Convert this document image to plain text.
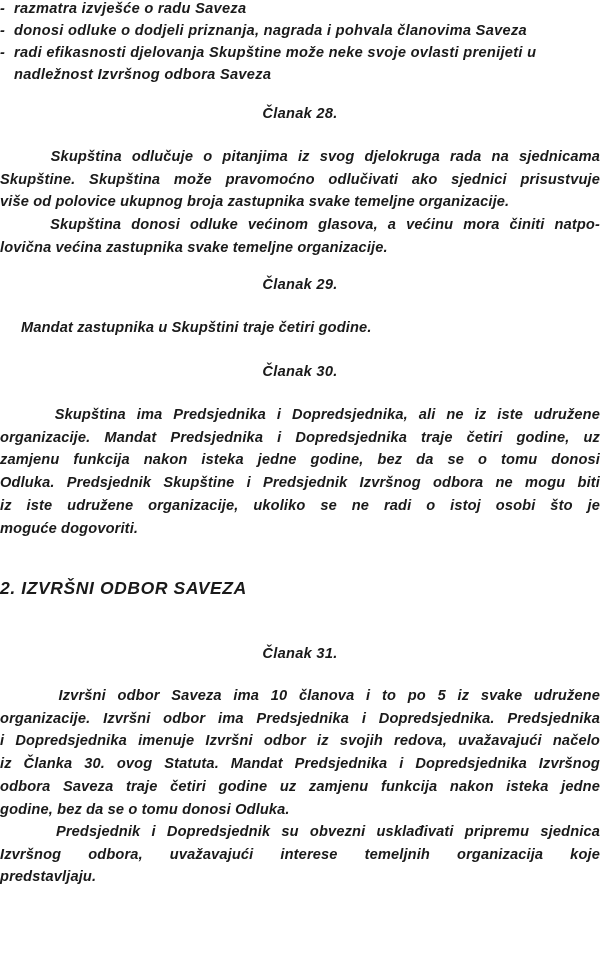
- razmatra izvješće o radu Saveza
- donosi odluke o dodjeli priznanja, nagrada i pohvala članovima Saveza
- radi efikasnosti djelovanja Skupštine može neke svoje ovlasti prenijeti u
nadležnost Izvršnog odbora Saveza
Članak 28.

Skupština odlučuje o pitanjima iz svog djelokruga rada na sjednicama
Skupštine. Skupština može pravomoćno odlučivati ako sjednici prisustvuje
više od polovice ukupnog broja zastupnika svake temeljne organizacije.

Skupština donosi odluke većinom glasova, a većinu mora činiti natpo-
lovična većina zastupnika svake temeljne organizacije.

Članak 29.

Mandat zastupnika u Skupštini traje četiri godine.

Članak 30.

Skupština ima Predsjednika i Dopredsjednika, ali ne iz iste udružene
organizacije. Mandat Predsjednika i Dopredsjednika traje četiri godine, uz
zamjenu funkcija nakon isteka jedne godine, bez da se o tomu donosi
Odluka. Predsjednik Skupštine i Predsjednik Izvršnog odbora ne mogu biti
iz iste udružene organizacije, ukoliko se ne radi o istoj osobi što je
moguće dogovoriti.

2. IZVRŠNI ODBOR SAVEZA
Članak 31.

Izvršni odbor Saveza ima 10 članova i to po 5 iz svake udružene
organizacije. Izvršni odbor ima Predsjednika i Dopredsjednika. Predsjednika
i Dopredsjednika imenuje Izvršni odbor iz svojih redova, uvažavajući načelo
iz Članka 30. ovog Statuta. Mandat Predsjednika i Dopredsjednika Izvršnog
odbora Saveza traje četiri godine uz zamjenu funkcija nakon isteka jedne
godine, bez da se o tomu donosi Odluka.

Predsjednik i Dopredsjednik su obvezni usklađivati pripremu sjednica
Izvršnog odbora, uvažavajući interese temeljnih organizacija koje
predstavljaju.
